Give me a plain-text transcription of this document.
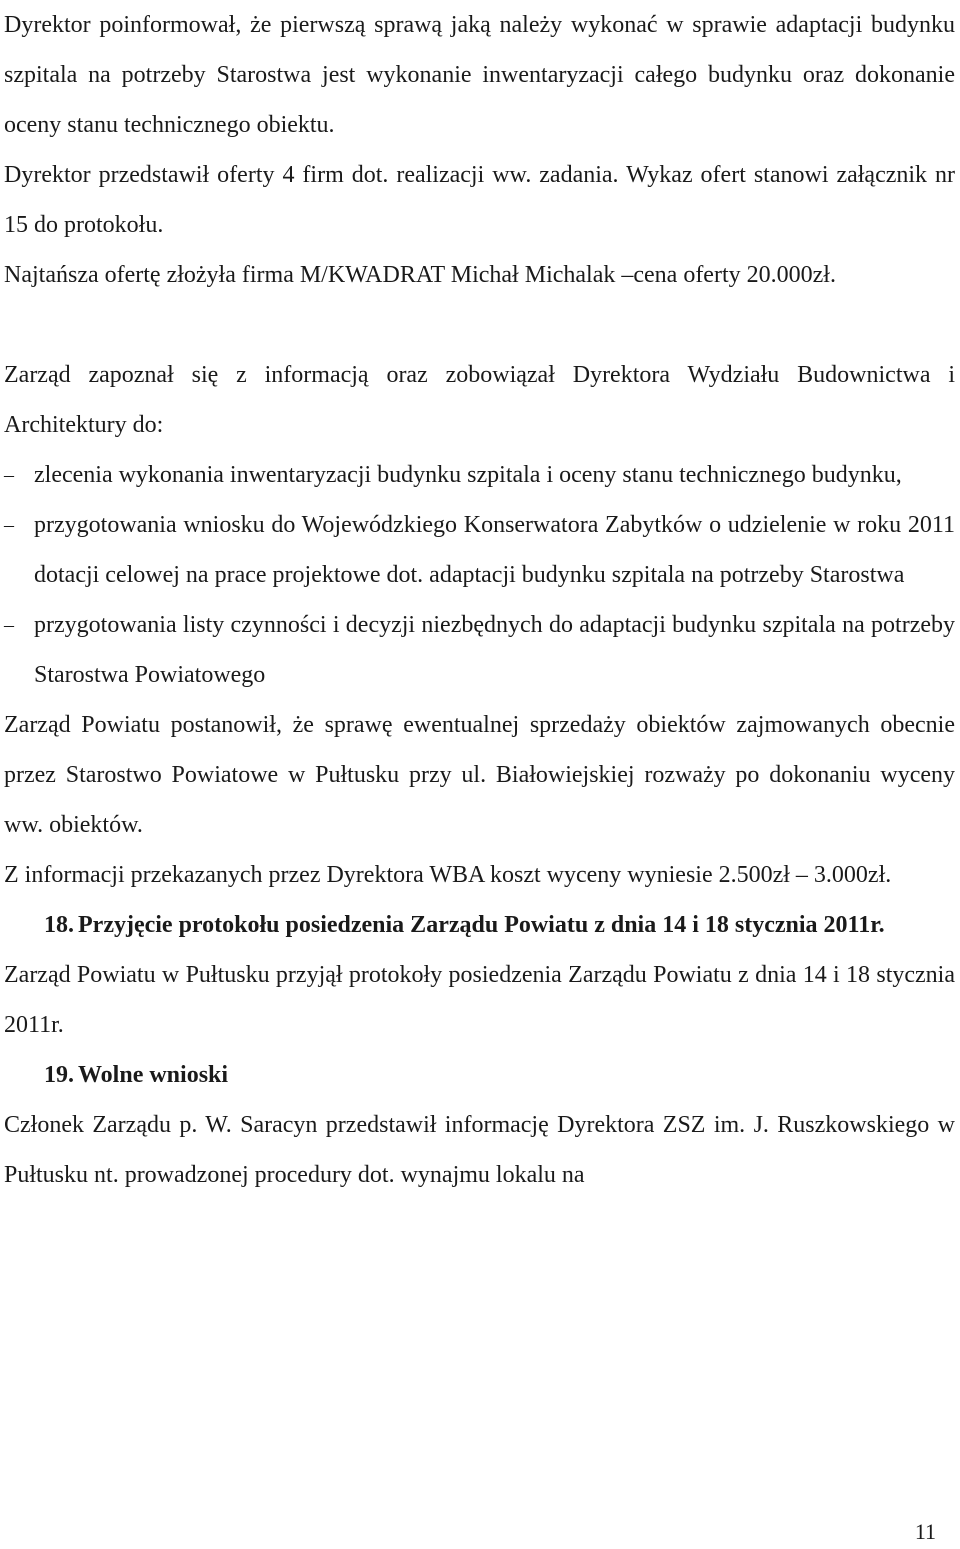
Dyrektor poinformował, że pierwszą sprawą jaką należy wykonać w sprawie adaptacji budynku szpitala na potrzeby Starostwa jest wykonanie inwentaryzacji całego budynku oraz dokonanie oceny stanu technicznego obiektu.

Dyrektor przedstawił oferty 4 firm dot. realizacji ww. zadania. Wykaz ofert stanowi załącznik nr 15 do protokołu.

Najtańsza ofertę złożyła firma M/KWADRAT Michał Michalak –cena oferty 20.000zł.

Zarząd zapoznał się z informacją oraz zobowiązał Dyrektora Wydziału Budownictwa i Architektury do:

– zlecenia wykonania inwentaryzacji budynku szpitala i oceny stanu technicznego budynku,
– przygotowania wniosku do Wojewódzkiego Konserwatora Zabytków o udzielenie w roku 2011 dotacji celowej na prace projektowe dot. adaptacji budynku szpitala na potrzeby Starostwa
– przygotowania listy czynności i decyzji niezbędnych do adaptacji budynku szpitala na potrzeby Starostwa Powiatowego

Zarząd Powiatu postanowił, że sprawę ewentualnej sprzedaży obiektów zajmowanych obecnie przez Starostwo Powiatowe w Pułtusku przy ul. Białowiejskiej rozważy po dokonaniu wyceny ww. obiektów.

Z informacji przekazanych przez Dyrektora WBA koszt wyceny wyniesie 2.500zł – 3.000zł.

18. Przyjęcie protokołu posiedzenia Zarządu Powiatu z dnia 14 i 18 stycznia 2011r.

Zarząd Powiatu w Pułtusku przyjął protokoły posiedzenia Zarządu Powiatu z dnia 14 i 18 stycznia 2011r.

19. Wolne wnioski

Członek Zarządu p. W. Saracyn przedstawił informację Dyrektora ZSZ im. J. Ruszkowskiego w Pułtusku nt. prowadzonej procedury dot. wynajmu lokalu na

11
